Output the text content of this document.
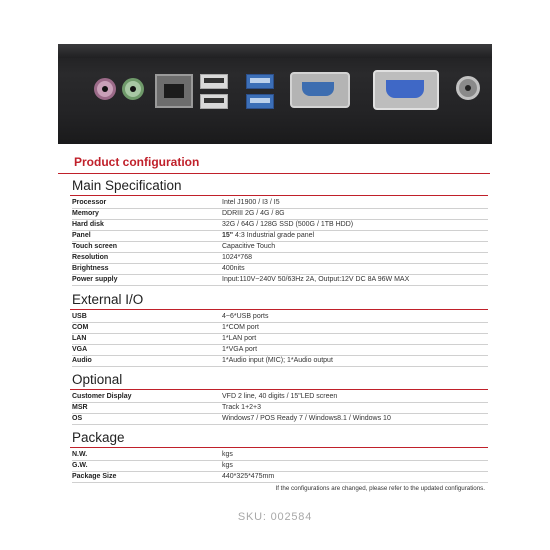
Product configuration
Main Specification
Processor	Intel J1900 / I3 / I5
Memory	DDRIII 2G / 4G / 8G
Hard disk	32G / 64G / 128G SSD (500G / 1TB HDD)
Panel	15" 4:3 Industrial grade panel
Touch screen	Capacitive Touch
Resolution	1024*768
Brightness	400nits
Power supply	Input:110V~240V 50/63Hz 2A, Output:12V DC 8A 96W MAX
External I/O
USB	4~6*USB ports
COM	1*COM port
LAN	1*LAN port
VGA	1*VGA port
Audio	1*Audio input (MIC); 1*Audio output
Optional
Customer Display	VFD 2 line, 40 digits / 15"LED screen
MSR	Track 1+2+3
OS	Windows7 / POS Ready 7 / Windows8.1 / Windows 10
Package
N.W.	kgs
G.W.	kgs
Package Size	440*325*475mm
If the configurations are changed, please refer to the updated configurations.
SKU: 002584
